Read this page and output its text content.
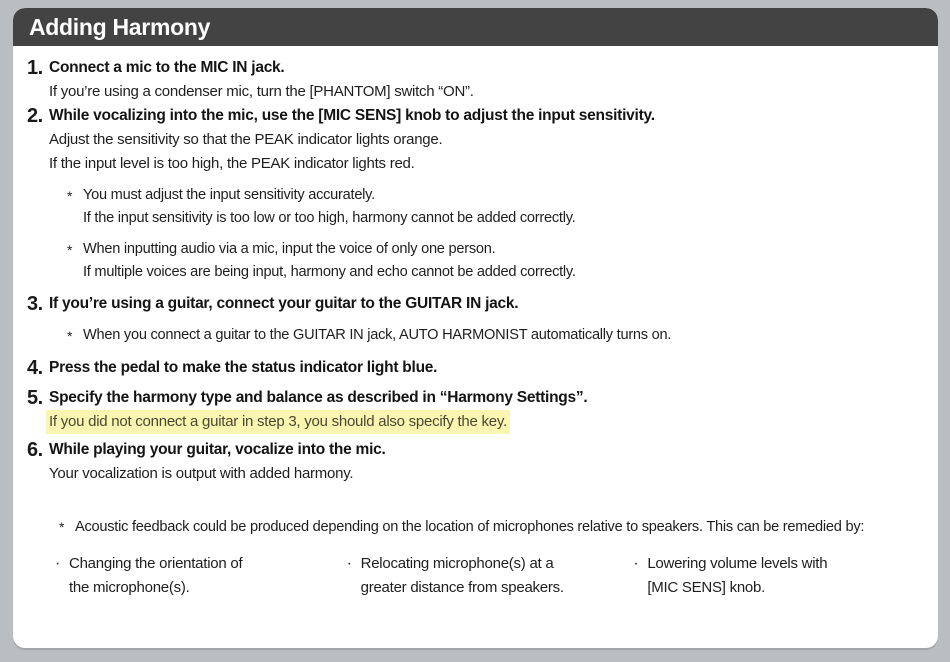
Adding Harmony
1. Connect a mic to the MIC IN jack.
If you’re using a condenser mic, turn the [PHANTOM] switch “ON”.
2. While vocalizing into the mic, use the [MIC SENS] knob to adjust the input sensitivity.
Adjust the sensitivity so that the PEAK indicator lights orange.
If the input level is too high, the PEAK indicator lights red.
* You must adjust the input sensitivity accurately.
If the input sensitivity is too low or too high, harmony cannot be added correctly.
* When inputting audio via a mic, input the voice of only one person.
If multiple voices are being input, harmony and echo cannot be added correctly.
3. If you’re using a guitar, connect your guitar to the GUITAR IN jack.
* When you connect a guitar to the GUITAR IN jack, AUTO HARMONIST automatically turns on.
4. Press the pedal to make the status indicator light blue.
5. Specify the harmony type and balance as described in “Harmony Settings”.
If you did not connect a guitar in step 3, you should also specify the key.
6. While playing your guitar, vocalize into the mic.
Your vocalization is output with added harmony.
* Acoustic feedback could be produced depending on the location of microphones relative to speakers. This can be remedied by:
· Changing the orientation of
the microphone(s).
· Relocating microphone(s) at a
greater distance from speakers.
· Lowering volume levels with
[MIC SENS] knob.
